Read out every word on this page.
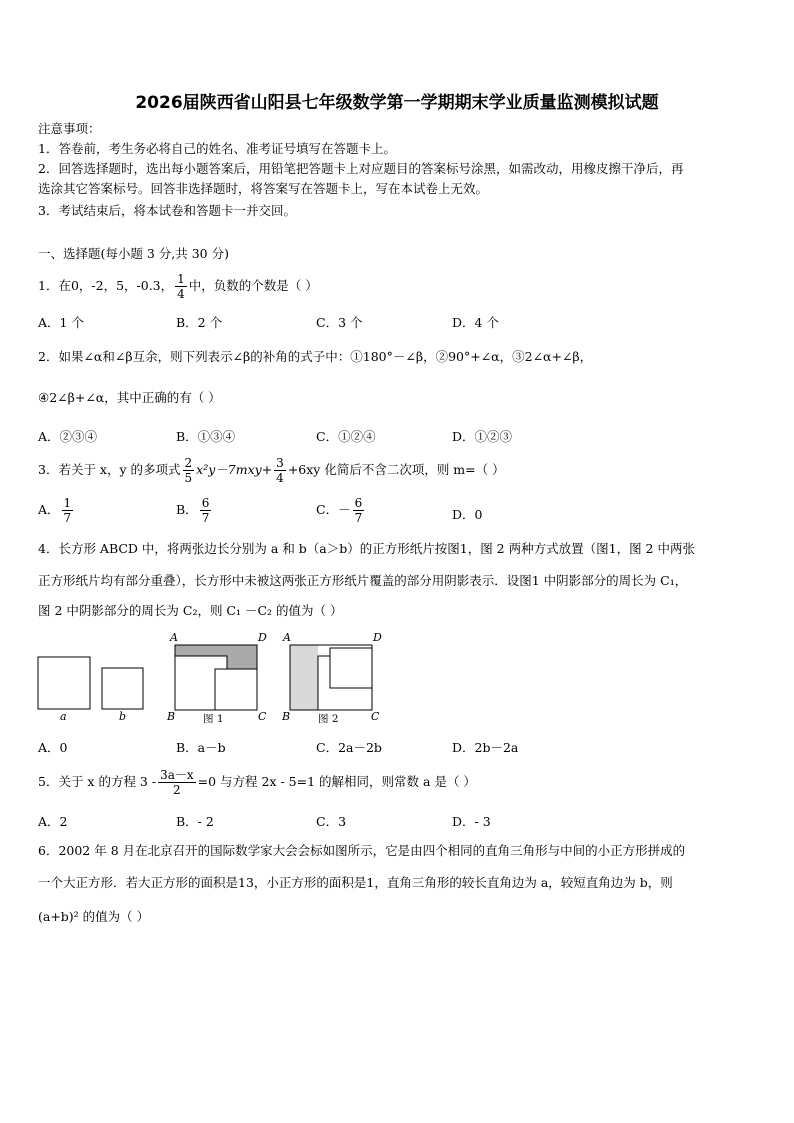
2026届陕西省山阳县七年级数学第一学期期末学业质量监测模拟试题
注意事项：
1．答卷前，考生务必将自己的姓名、准考证号填写在答题卡上。
2．回答选择题时，选出每小题答案后，用铅笔把答题卡上对应题目的答案标号涂黑，如需改动，用橡皮擦干净后，再
选涂其它答案标号。回答非选择题时，将答案写在答题卡上，写在本试卷上无效。
3．考试结束后，将本试卷和答题卡一并交回。
一、选择题(每小题 3 分,共 30 分)
1．在0，-2，5，-0.3， $\frac{1}{4}$ 中，负数的个数是（ ）
A．1 个	B．2 个	C．3 个	D．4 个
2．如果∠α和∠β互余，则下列表示∠β的补角的式子中：①180°－∠β，②90°+∠α，③2∠α+∠β，
④2∠β+∠α，其中正确的有（ ）
A．②③④	B．①③④	C．①②④	D．①②③
3．若关于 x，y 的多项式 $\frac{2}{5} x^2y-7mxy+ \frac{3}{4} +6xy$ 化简后不含二次项，则 m=（ ）
A． $\frac{1}{7}$	B． $\frac{6}{7}$	C．－ $\frac{6}{7}$	D．0
4．长方形 ABCD 中，将两张边长分别为 a 和 b（a＞b）的正方形纸片按图1，图 2 两种方式放置（图1，图 2 中两张
正方形纸片均有部分重叠），长方形中未被这两张正方形纸片覆盖的部分用阴影表示．设图1 中阴影部分的周长为 C₁，
图 2 中阴影部分的周长为 C₂，则 C₁ －C₂ 的值为（ ）
a	b
A	D
B	C
图 1
A	D
B	C
图 2
A．0	B．a－b	C．2a－2b	D．2b－2a
5．关于 x 的方程 $3 - \frac{3a-x}{2} =0$ 与方程 2x - 5=1 的解相同，则常数 a 是（ ）
A．2	B．- 2	C．3	D．- 3
6．2002 年 8 月在北京召开的国际数学家大会会标如图所示，它是由四个相同的直角三角形与中间的小正方形拼成的
一个大正方形．若大正方形的面积是13，小正方形的面积是1，直角三角形的较长直角边为 a，较短直角边为 b，则
(a+b)² 的值为（ ）
